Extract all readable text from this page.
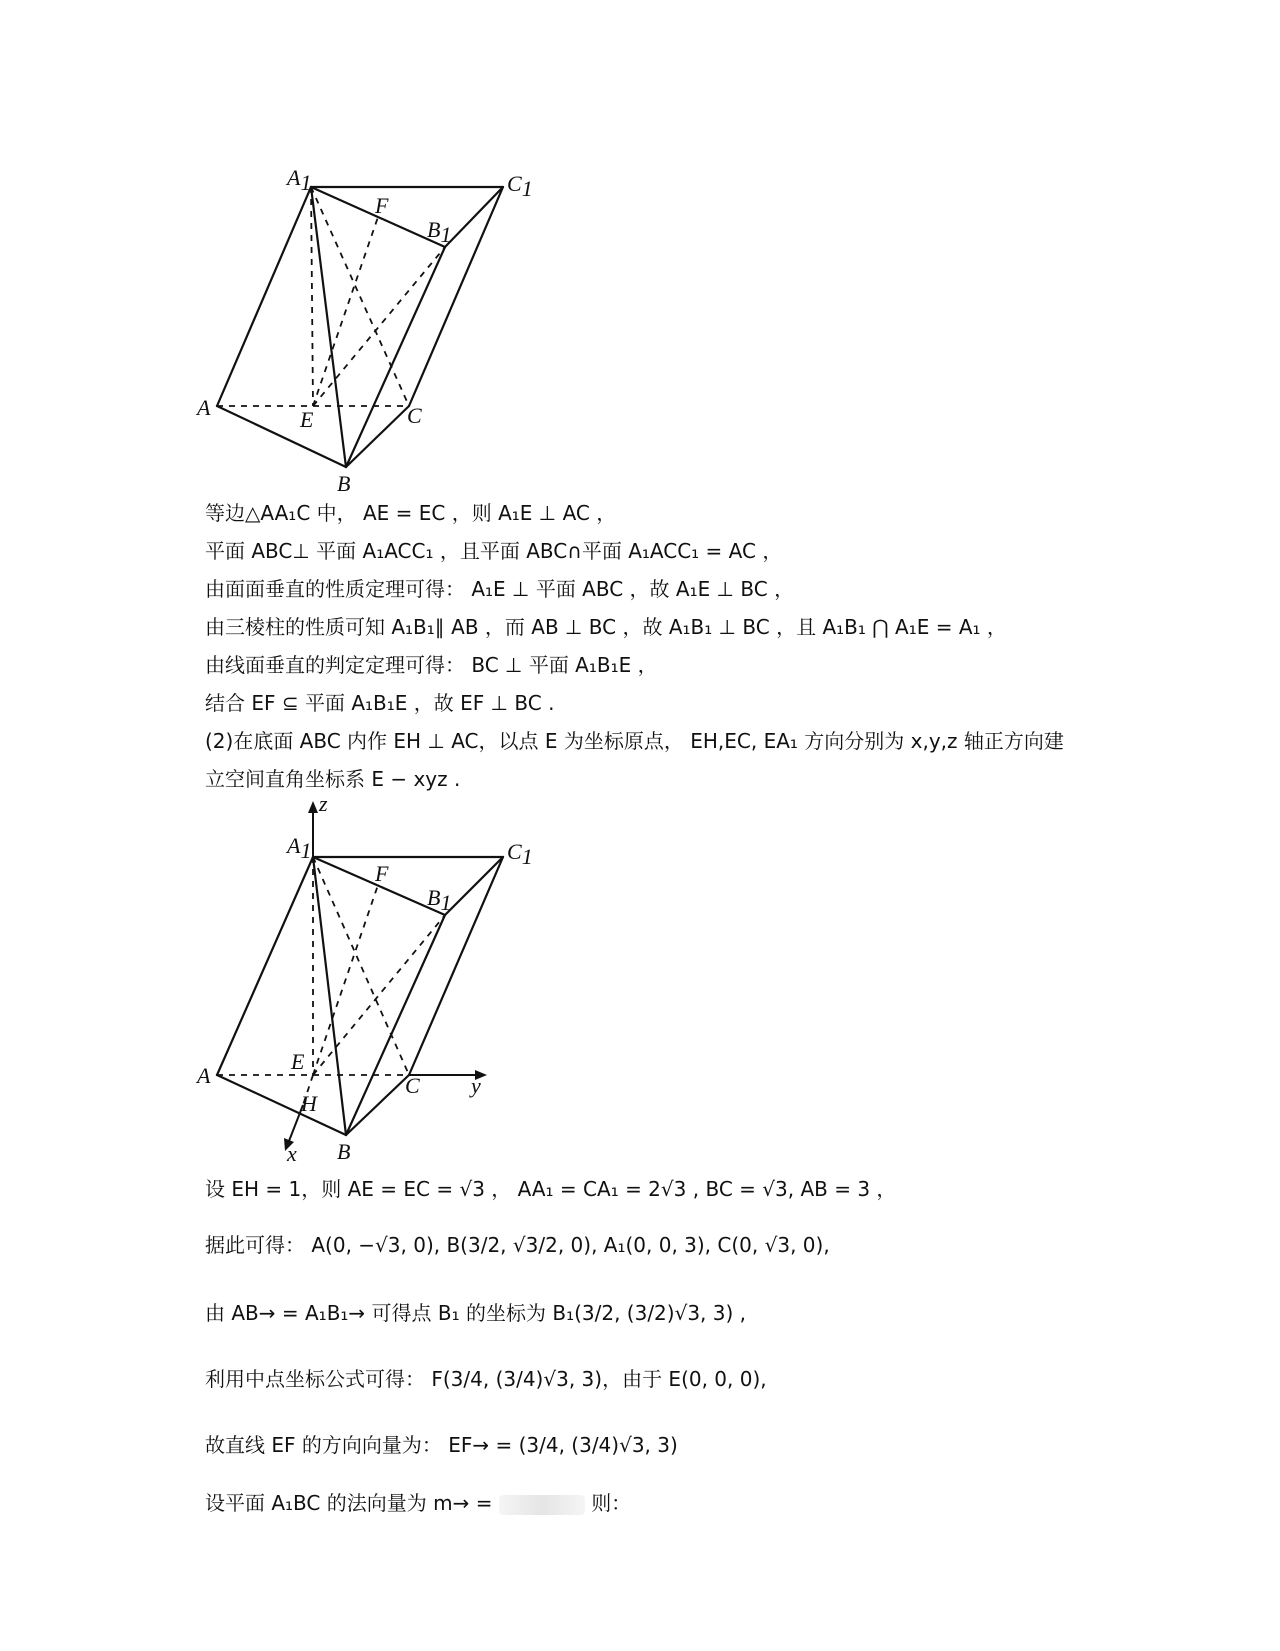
A1	C1
F
B1
A	E	C
B
等边△AA₁C 中， AE = EC ，则 A₁E ⊥ AC ，
平面 ABC⊥ 平面 A₁ACC₁ ，且平面 ABC∩平面 A₁ACC₁ = AC ，
由面面垂直的性质定理可得： A₁E ⊥ 平面 ABC ，故 A₁E ⊥ BC ，
由三棱柱的性质可知 A₁B₁∥ AB ，而 AB ⊥ BC ，故 A₁B₁ ⊥ BC ，且 A₁B₁ ⋂ A₁E = A₁ ，
由线面垂直的判定定理可得： BC ⊥ 平面 A₁B₁E ，
结合 EF ⊆ 平面 A₁B₁E ，故 EF ⊥ BC .
(2)在底面 ABC 内作 EH ⊥ AC，以点 E 为坐标原点， EH,EC, EA₁ 方向分别为 x,y,z 轴正方向建
立空间直角坐标系 E − xyz .
z
A1	C1
F
B1
E
A	C y
H
x B
设 EH = 1，则 AE = EC = √3 ， AA₁ = CA₁ = 2√3 , BC = √3, AB = 3 ，
据此可得： A(0, −√3, 0), B(3/2, √3/2, 0), A₁(0, 0, 3), C(0, √3, 0),
由 AB→ = A₁B₁→ 可得点 B₁ 的坐标为 B₁(3/2, (3/2)√3, 3) ,
利用中点坐标公式可得： F(3/4, (3/4)√3, 3)，由于 E(0, 0, 0),
故直线 EF 的方向向量为： EF→ = (3/4, (3/4)√3, 3)
设平面 A₁BC 的法向量为 m→ =	则：
